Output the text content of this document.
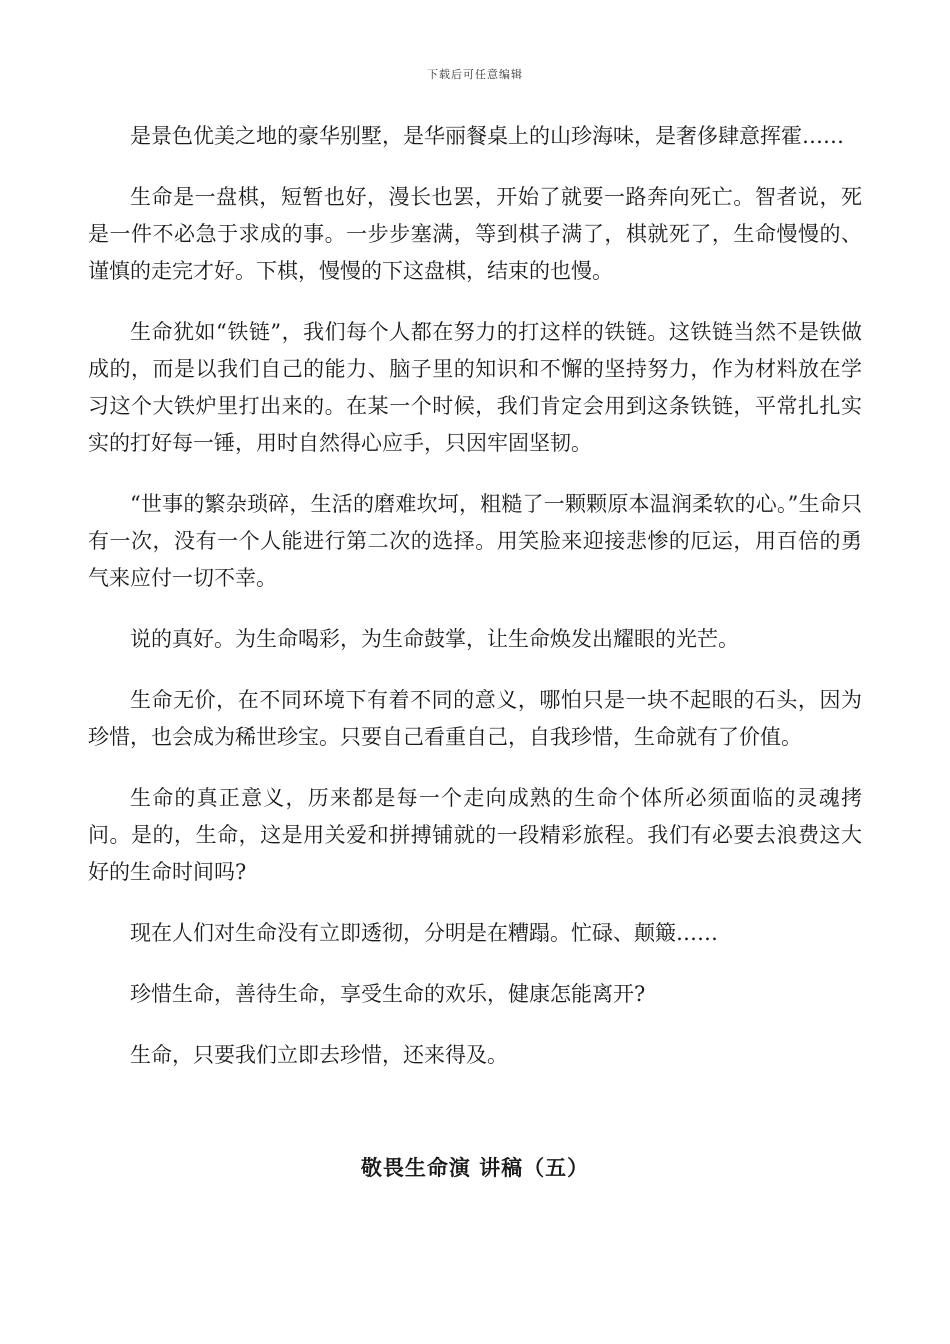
下载后可任意编辑

是景色优美之地的豪华别墅，是华丽餐桌上的山珍海味，是奢侈肆意挥霍……

生命是一盘棋，短暂也好，漫长也罢，开始了就要一路奔向死亡。智者说，死是一件不必急于求成的事。一步步塞满，等到棋子满了，棋就死了，生命慢慢的、谨慎的走完才好。下棋，慢慢的下这盘棋，结束的也慢。

生命犹如“铁链”，我们每个人都在努力的打这样的铁链。这铁链当然不是铁做成的，而是以我们自己的能力、脑子里的知识和不懈的坚持努力，作为材料放在学习这个大铁炉里打出来的。在某一个时候，我们肯定会用到这条铁链，平常扎扎实实的打好每一锤，用时自然得心应手，只因牢固坚韧。

“世事的繁杂琐碎，生活的磨难坎坷，粗糙了一颗颗原本温润柔软的心。”生命只有一次，没有一个人能进行第二次的选择。用笑脸来迎接悲惨的厄运，用百倍的勇气来应付一切不幸。

说的真好。为生命喝彩，为生命鼓掌，让生命焕发出耀眼的光芒。

生命无价，在不同环境下有着不同的意义，哪怕只是一块不起眼的石头，因为珍惜，也会成为稀世珍宝。只要自己看重自己，自我珍惜，生命就有了价值。

生命的真正意义，历来都是每一个走向成熟的生命个体所必须面临的灵魂拷问。是的，生命，这是用关爱和拼搏铺就的一段精彩旅程。我们有必要去浪费这大好的生命时间吗?

现在人们对生命没有立即透彻，分明是在糟蹋。忙碌、颠簸……

珍惜生命，善待生命，享受生命的欢乐，健康怎能离开?

生命，只要我们立即去珍惜，还来得及。

敬畏生命演 讲稿（五）
